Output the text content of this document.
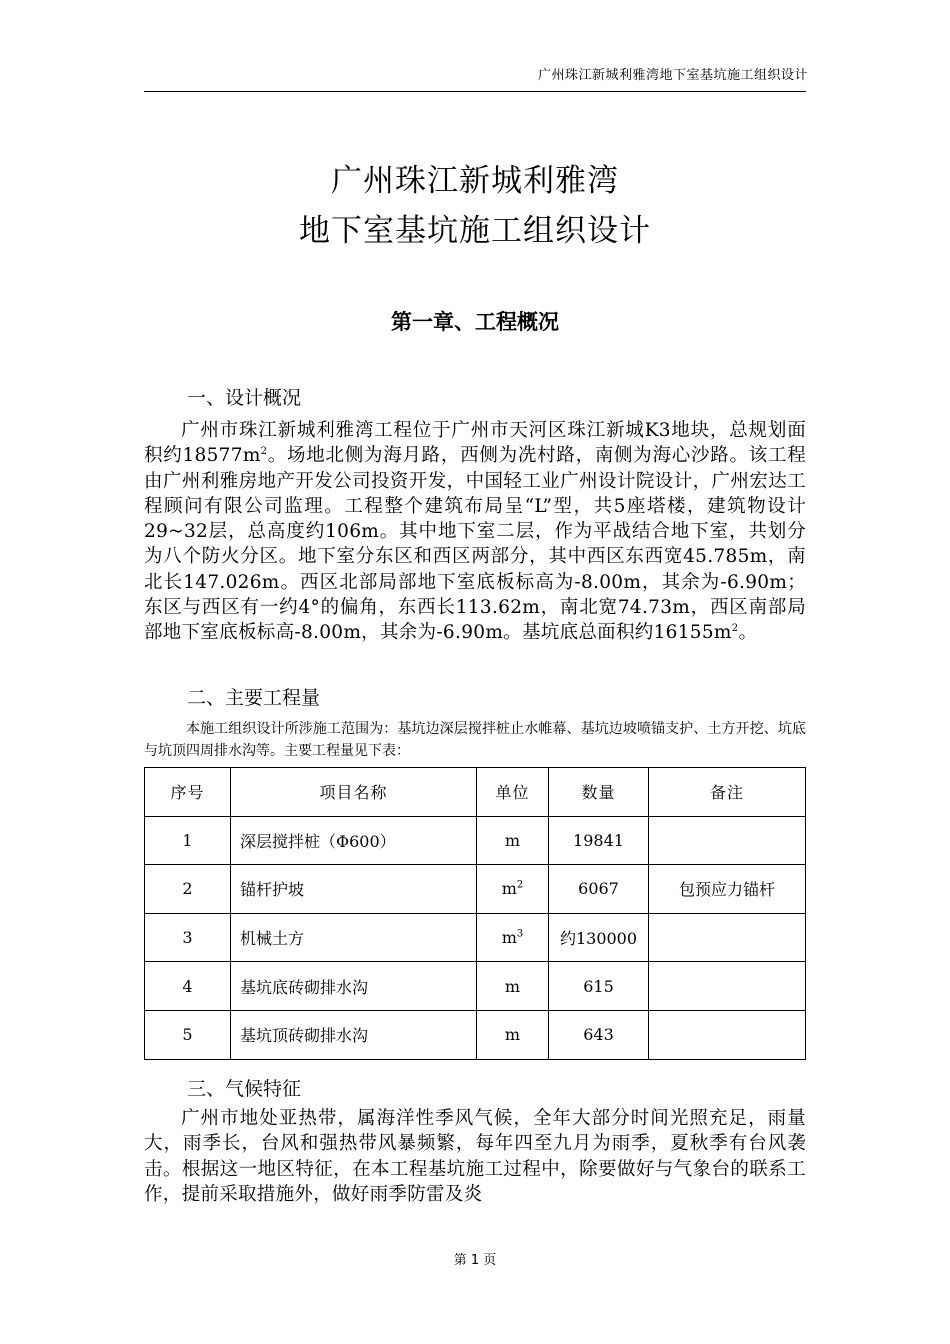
广州珠江新城利雅湾地下室基坑施工组织设计
广州珠江新城利雅湾
地下室基坑施工组织设计
第一章、工程概况
一、设计概况
广州市珠江新城利雅湾工程位于广州市天河区珠江新城K3地块，总规划面积约$18577m^2$。场地北侧为海月路，西侧为冼村路，南侧为海心沙路。该工程由广州利雅房地产开发公司投资开发，中国轻工业广州设计院设计，广州宏达工程顾问有限公司监理。工程整个建筑布局呈“L”型，共5座塔楼，建筑物设计29~32层，总高度约106m。其中地下室二层，作为平战结合地下室，共划分为八个防火分区。地下室分东区和西区两部分，其中西区东西宽45.785m，南北长147.026m。西区北部局部地下室底板标高为-8.00m，其余为-6.90m；东区与西区有一约4°的偏角，东西长113.62m，南北宽74.73m，西区南部局部地下室底板标高-8.00m，其余为-6.90m。基坑底总面积约$16155m^2$。
二、主要工程量
本施工组织设计所涉施工范围为：基坑边深层搅拌桩止水帷幕、基坑边坡喷锚支护、土方开挖、坑底与坑顶四周排水沟等。主要工程量见下表：
序号	项目名称	单位	数量	备注
1	深层搅拌桩（Φ600）	m	19841	
2	锚杆护坡	$m^2$	6067	包预应力锚杆
3	机械土方	$m^3$	约130000	
4	基坑底砖砌排水沟	m	615	
5	基坑顶砖砌排水沟	m	643	
三、气候特征
广州市地处亚热带，属海洋性季风气候，全年大部分时间光照充足，雨量大，雨季长，台风和强热带风暴频繁，每年四至九月为雨季，夏秋季有台风袭击。根据这一地区特征，在本工程基坑施工过程中，除要做好与气象台的联系工作，提前采取措施外，做好雨季防雷及炎
第 1 页
